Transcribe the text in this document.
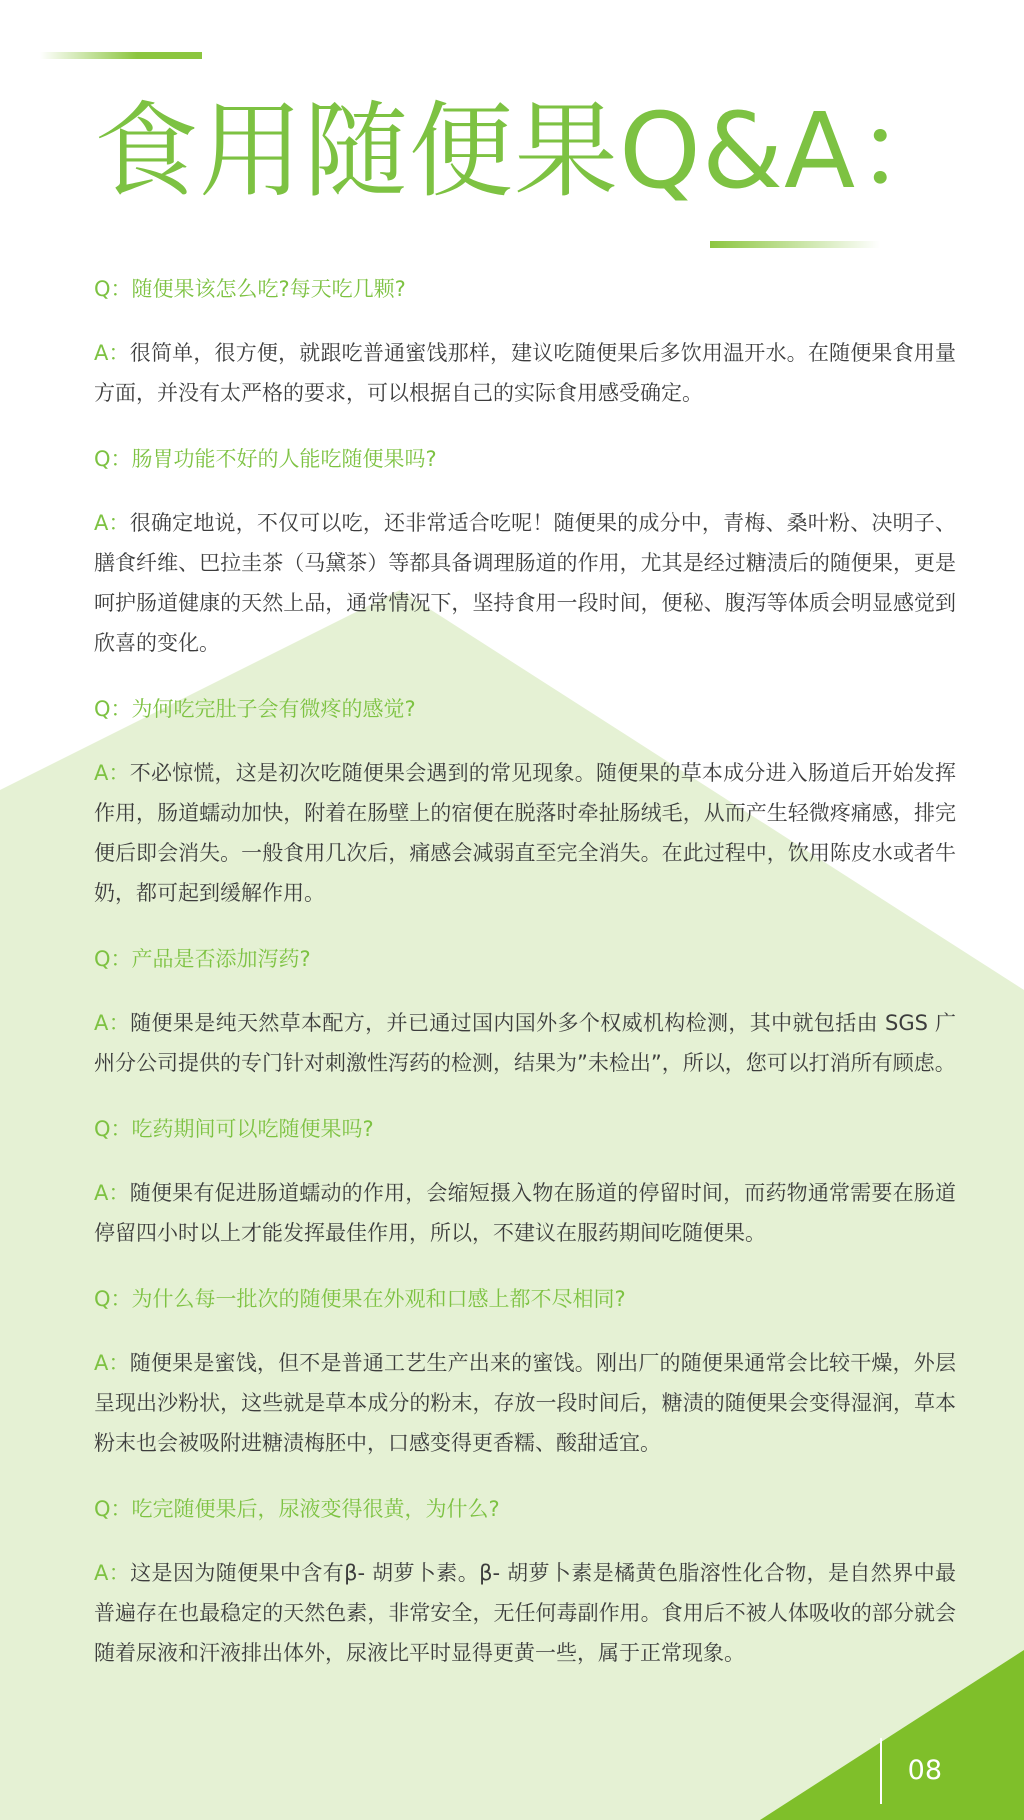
食用随便果Q&A：

Q：随便果该怎么吃?每天吃几颗?

A：很简单，很方便，就跟吃普通蜜饯那样，建议吃随便果后多饮用温开水。在随便果食用量方面，并没有太严格的要求，可以根据自己的实际食用感受确定。

Q：肠胃功能不好的人能吃随便果吗?

A：很确定地说，不仅可以吃，还非常适合吃呢！随便果的成分中，青梅、桑叶粉、决明子、膳食纤维、巴拉圭茶（马黛茶）等都具备调理肠道的作用，尤其是经过糖渍后的随便果，更是呵护肠道健康的天然上品，通常情况下，坚持食用一段时间，便秘、腹泻等体质会明显感觉到欣喜的变化。

Q：为何吃完肚子会有微疼的感觉?

A：不必惊慌，这是初次吃随便果会遇到的常见现象。随便果的草本成分进入肠道后开始发挥作用，肠道蠕动加快，附着在肠壁上的宿便在脱落时牵扯肠绒毛，从而产生轻微疼痛感，排完便后即会消失。一般食用几次后，痛感会减弱直至完全消失。在此过程中，饮用陈皮水或者牛奶，都可起到缓解作用。

Q：产品是否添加泻药?

A：随便果是纯天然草本配方，并已通过国内国外多个权威机构检测，其中就包括由 SGS 广州分公司提供的专门针对刺激性泻药的检测，结果为”未检出”，所以，您可以打消所有顾虑。

Q：吃药期间可以吃随便果吗?

A：随便果有促进肠道蠕动的作用，会缩短摄入物在肠道的停留时间，而药物通常需要在肠道停留四小时以上才能发挥最佳作用，所以，不建议在服药期间吃随便果。

Q：为什么每一批次的随便果在外观和口感上都不尽相同?

A：随便果是蜜饯，但不是普通工艺生产出来的蜜饯。刚出厂的随便果通常会比较干燥，外层呈现出沙粉状，这些就是草本成分的粉末，存放一段时间后，糖渍的随便果会变得湿润，草本粉末也会被吸附进糖渍梅胚中，口感变得更香糯、酸甜适宜。

Q：吃完随便果后，尿液变得很黄，为什么?

A：这是因为随便果中含有β- 胡萝卜素。β- 胡萝卜素是橘黄色脂溶性化合物，是自然界中最普遍存在也最稳定的天然色素，非常安全，无任何毒副作用。食用后不被人体吸收的部分就会随着尿液和汗液排出体外，尿液比平时显得更黄一些，属于正常现象。

08
